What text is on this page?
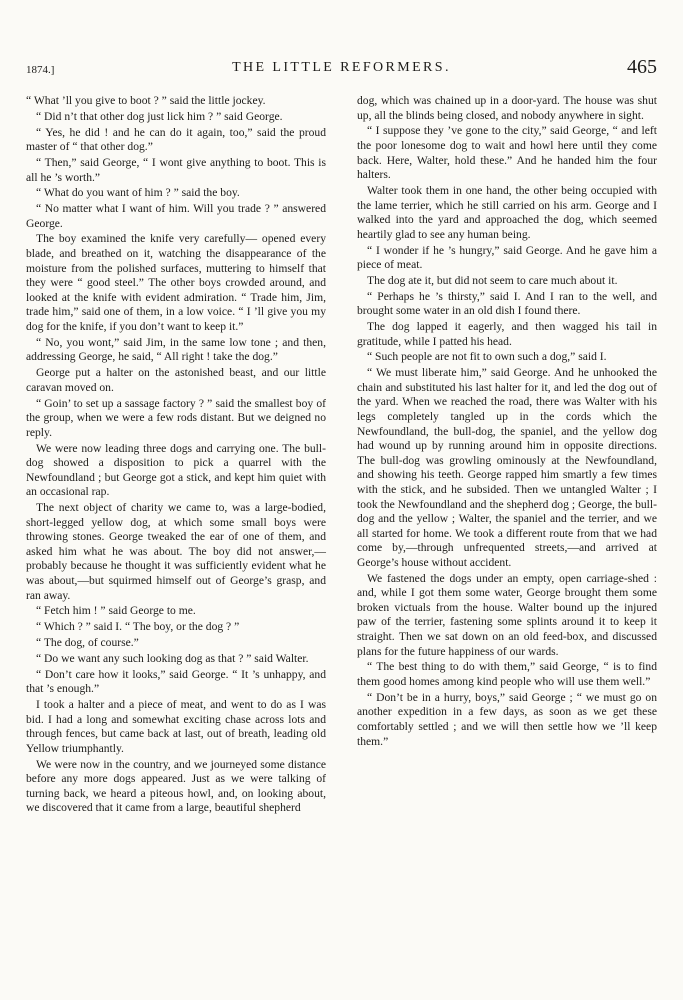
1874.]	THE LITTLE REFORMERS.	465

“ What ’ll you give to boot ? ” said the little jockey.

“ Did n’t that other dog just lick him ? ” said George.

“ Yes, he did ! and he can do it again, too,” said the proud master of “ that other dog.”

“ Then,” said George, “ I wont give anything to boot. This is all he ’s worth.”

“ What do you want of him ? ” said the boy.

“ No matter what I want of him. Will you trade ? ” answered George.

The boy examined the knife very carefully— opened every blade, and breathed on it, watching the disappearance of the moisture from the polished surfaces, muttering to himself that they were “ good steel.” The other boys crowded around, and looked at the knife with evident admiration. “ Trade him, Jim, trade him,” said one of them, in a low voice. “ I ’ll give you my dog for the knife, if you don’t want to keep it.”

“ No, you wont,” said Jim, in the same low tone ; and then, addressing George, he said, “ All right ! take the dog.”

George put a halter on the astonished beast, and our little caravan moved on.

“ Goin’ to set up a sassage factory ? ” said the smallest boy of the group, when we were a few rods distant. But we deigned no reply.

We were now leading three dogs and carrying one. The bull-dog showed a disposition to pick a quarrel with the Newfoundland ; but George got a stick, and kept him quiet with an occasional rap.

The next object of charity we came to, was a large-bodied, short-legged yellow dog, at which some small boys were throwing stones. George tweaked the ear of one of them, and asked him what he was about. The boy did not answer,— probably because he thought it was sufficiently evident what he was about,—but squirmed himself out of George’s grasp, and ran away.

“ Fetch him ! ” said George to me.

“ Which ? ” said I. “ The boy, or the dog ? ”

“ The dog, of course.”

“ Do we want any such looking dog as that ? ” said Walter.

“ Don’t care how it looks,” said George. “ It ’s unhappy, and that ’s enough.”

I took a halter and a piece of meat, and went to do as I was bid. I had a long and somewhat exciting chase across lots and through fences, but came back at last, out of breath, leading old Yellow triumphantly.

We were now in the country, and we journeyed some distance before any more dogs appeared. Just as we were talking of turning back, we heard a piteous howl, and, on looking about, we discovered that it came from a large, beautiful shepherd

dog, which was chained up in a door-yard. The house was shut up, all the blinds being closed, and nobody anywhere in sight.

“ I suppose they ’ve gone to the city,” said George, “ and left the poor lonesome dog to wait and howl here until they come back. Here, Walter, hold these.” And he handed him the four halters.

Walter took them in one hand, the other being occupied with the lame terrier, which he still carried on his arm. George and I walked into the yard and approached the dog, which seemed heartily glad to see any human being.

“ I wonder if he ’s hungry,” said George. And he gave him a piece of meat.

The dog ate it, but did not seem to care much about it.

“ Perhaps he ’s thirsty,” said I. And I ran to the well, and brought some water in an old dish I found there.

The dog lapped it eagerly, and then wagged his tail in gratitude, while I patted his head.

“ Such people are not fit to own such a dog,” said I.

“ We must liberate him,” said George. And he unhooked the chain and substituted his last halter for it, and led the dog out of the yard. When we reached the road, there was Walter with his legs completely tangled up in the cords which the Newfoundland, the bull-dog, the spaniel, and the yellow dog had wound up by running around him in opposite directions. The bull-dog was growling ominously at the Newfoundland, and showing his teeth. George rapped him smartly a few times with the stick, and he subsided. Then we untangled Walter ; I took the Newfoundland and the shepherd dog ; George, the bull-dog and the yellow ; Walter, the spaniel and the terrier, and we all started for home. We took a different route from that we had come by,—through unfrequented streets,—and arrived at George’s house without accident.

We fastened the dogs under an empty, open carriage-shed : and, while I got them some water, George brought them some broken victuals from the house. Walter bound up the injured paw of the terrier, fastening some splints around it to keep it straight. Then we sat down on an old feed-box, and discussed plans for the future happiness of our wards.

“ The best thing to do with them,” said George, “ is to find them good homes among kind people who will use them well.”

“ Don’t be in a hurry, boys,” said George ; “ we must go on another expedition in a few days, as soon as we get these comfortably settled ; and we will then settle how we ’ll keep them.”
